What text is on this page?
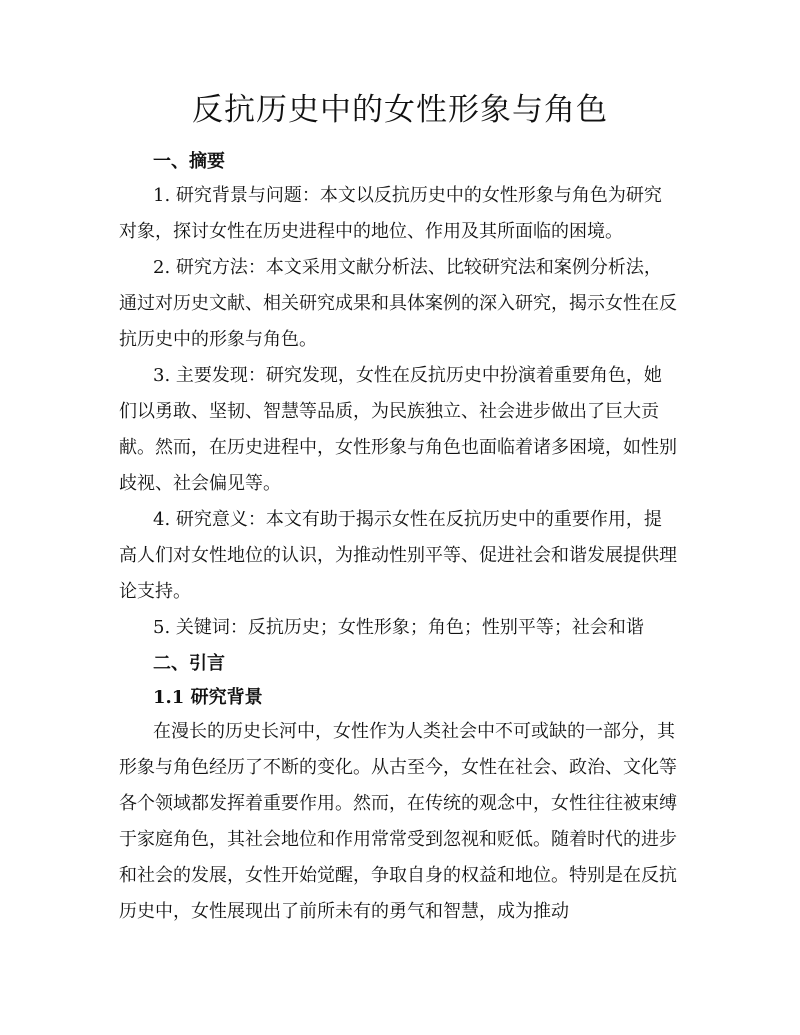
反抗历史中的女性形象与角色
一、摘要

1. 研究背景与问题：本文以反抗历史中的女性形象与角色为研究对象，探讨女性在历史进程中的地位、作用及其所面临的困境。

2. 研究方法：本文采用文献分析法、比较研究法和案例分析法，通过对历史文献、相关研究成果和具体案例的深入研究，揭示女性在反抗历史中的形象与角色。

3. 主要发现：研究发现，女性在反抗历史中扮演着重要角色，她们以勇敢、坚韧、智慧等品质，为民族独立、社会进步做出了巨大贡献。然而，在历史进程中，女性形象与角色也面临着诸多困境，如性别歧视、社会偏见等。

4. 研究意义：本文有助于揭示女性在反抗历史中的重要作用，提高人们对女性地位的认识，为推动性别平等、促进社会和谐发展提供理论支持。

5. 关键词：反抗历史；女性形象；角色；性别平等；社会和谐

二、引言
1.1 研究背景

在漫长的历史长河中，女性作为人类社会中不可或缺的一部分，其形象与角色经历了不断的变化。从古至今，女性在社会、政治、文化等各个领域都发挥着重要作用。然而，在传统的观念中，女性往往被束缚于家庭角色，其社会地位和作用常常受到忽视和贬低。随着时代的进步和社会的发展，女性开始觉醒，争取自身的权益和地位。特别是在反抗历史中，女性展现出了前所未有的勇气和智慧，成为推动
